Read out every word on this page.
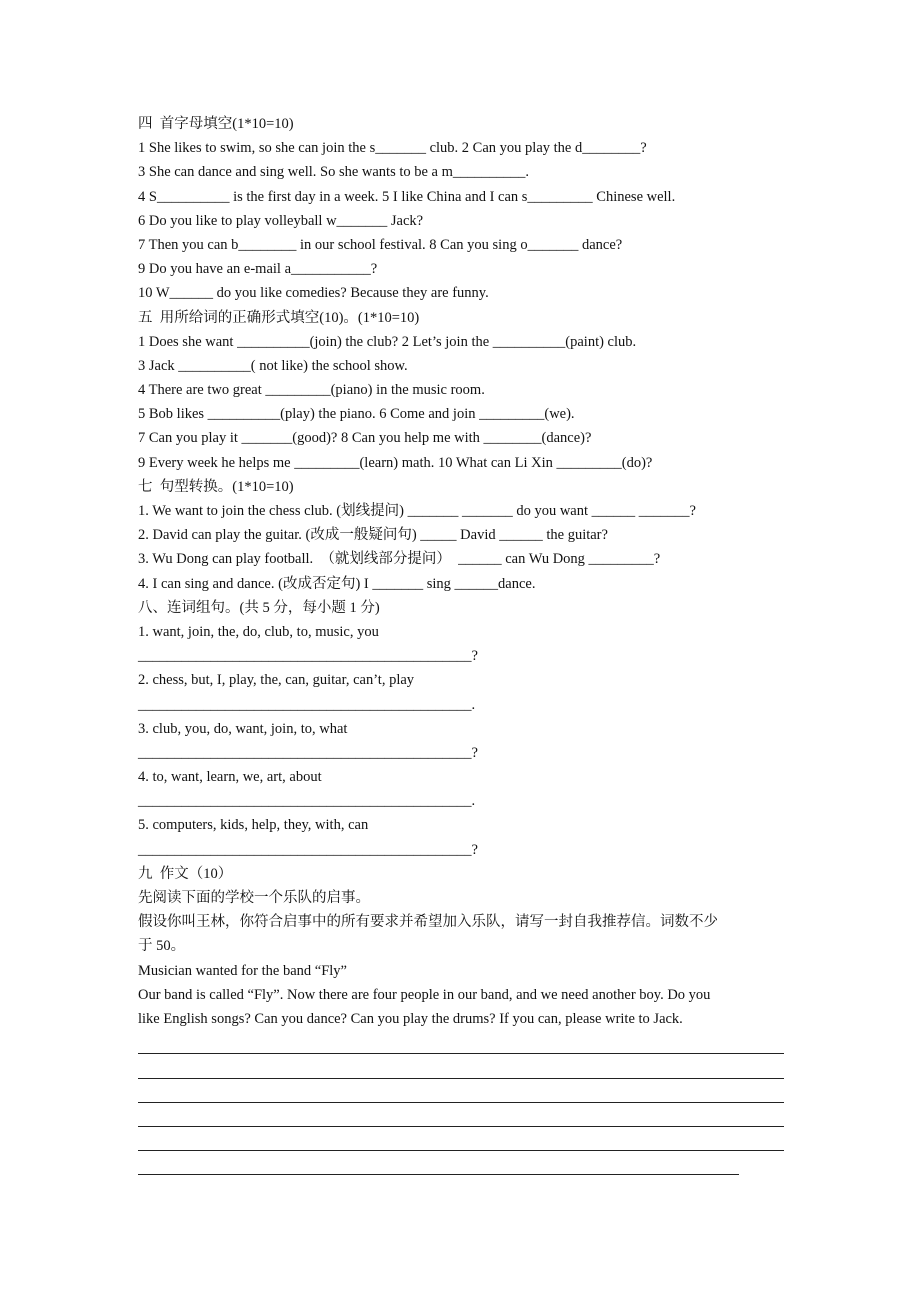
四  首字母填空(1*10=10)
1 She likes to swim, so she can join the s_______ club. 2 Can you play the d________?
3 She can dance and sing well. So she wants to be a m__________.
4 S__________ is the first day in a week. 5 I like China and I can s_________ Chinese well.
6 Do you like to play volleyball w_______ Jack?
7 Then you can b________ in our school festival. 8 Can you sing o_______ dance?
9 Do you have an e-mail a___________?
10 W______ do you like comedies? Because they are funny.
五  用所给词的正确形式填空(10)。(1*10=10)
1 Does she want __________(join) the club? 2 Let’s join the __________(paint) club.
3 Jack __________( not like) the school show.
4 There are two great _________(piano) in the music room.
5 Bob likes __________(play) the piano. 6 Come and join _________(we).
7 Can you play it _______(good)? 8 Can you help me with ________(dance)?
9 Every week he helps me _________(learn) math. 10 What can Li Xin _________(do)?
七  句型转换。(1*10=10)
1. We want to join the chess club. (划线提问) _______ _______ do you want ______ _______?
2. David can play the guitar. (改成一般疑问句) _____ David ______ the guitar?
3. Wu Dong can play football.  （就划线部分提问）  ______ can Wu Dong _________?
4. I can sing and dance. (改成否定句) I _______ sing ______dance.
八、连词组句。(共 5 分，每小题 1 分)
1. want, join, the, do, club, to, music, you
______________________________________________?
2. chess, but, I, play, the, can, guitar, can’t, play
______________________________________________.
3. club, you, do, want, join, to, what
______________________________________________?
4. to, want, learn, we, art, about
______________________________________________.
5. computers, kids, help, they, with, can
______________________________________________?
九  作文（10）
先阅读下面的学校一个乐队的启事。
假设你叫王林，你符合启事中的所有要求并希望加入乐队，请写一封自我推荐信。词数不少
于 50。
Musician wanted for the band “Fly”
Our band is called “Fly”. Now there are four people in our band, and we need another boy. Do you
like English songs? Can you dance? Can you play the drums? If you can, please write to Jack.
